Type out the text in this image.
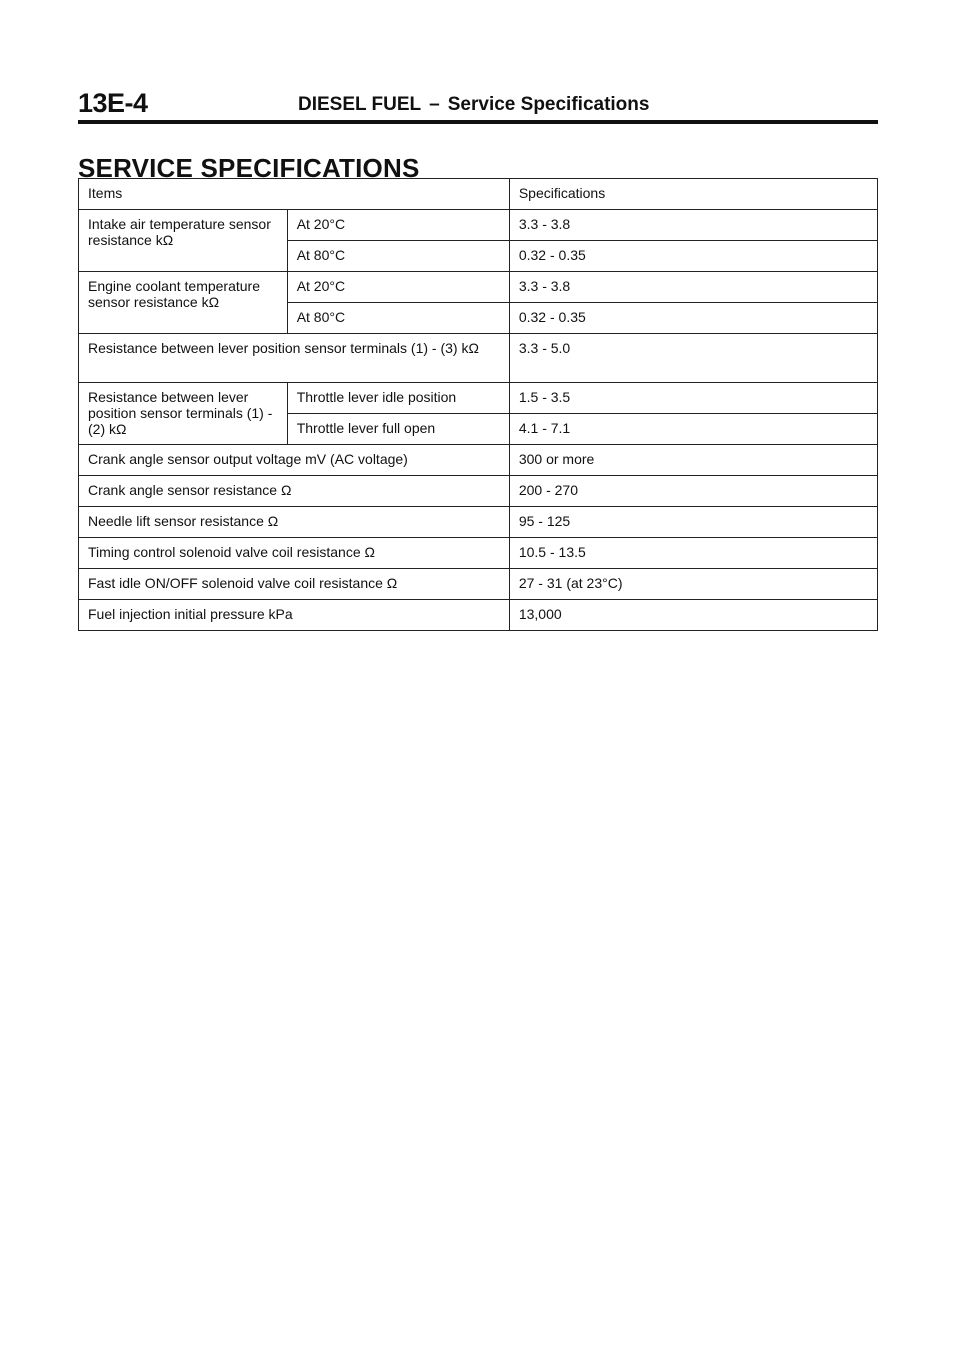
13E-4	DIESEL FUEL – Service Specifications
SERVICE SPECIFICATIONS
Items		Specifications
Intake air temperature sensor resistance kΩ	At 20°C	3.3 - 3.8
	At 80°C	0.32 - 0.35
Engine coolant temperature sensor resistance kΩ	At 20°C	3.3 - 3.8
	At 80°C	0.32 - 0.35
Resistance between lever position sensor terminals (1) - (3) kΩ		3.3 - 5.0
Resistance between lever position sensor terminals (1) - (2) kΩ	Throttle lever idle position	1.5 - 3.5
	Throttle lever full open	4.1 - 7.1
Crank angle sensor output voltage mV (AC voltage)		300 or more
Crank angle sensor resistance Ω		200 - 270
Needle lift sensor resistance Ω		95 - 125
Timing control solenoid valve coil resistance Ω		10.5 - 13.5
Fast idle ON/OFF solenoid valve coil resistance Ω		27 - 31 (at 23°C)
Fuel injection initial pressure kPa		13,000
